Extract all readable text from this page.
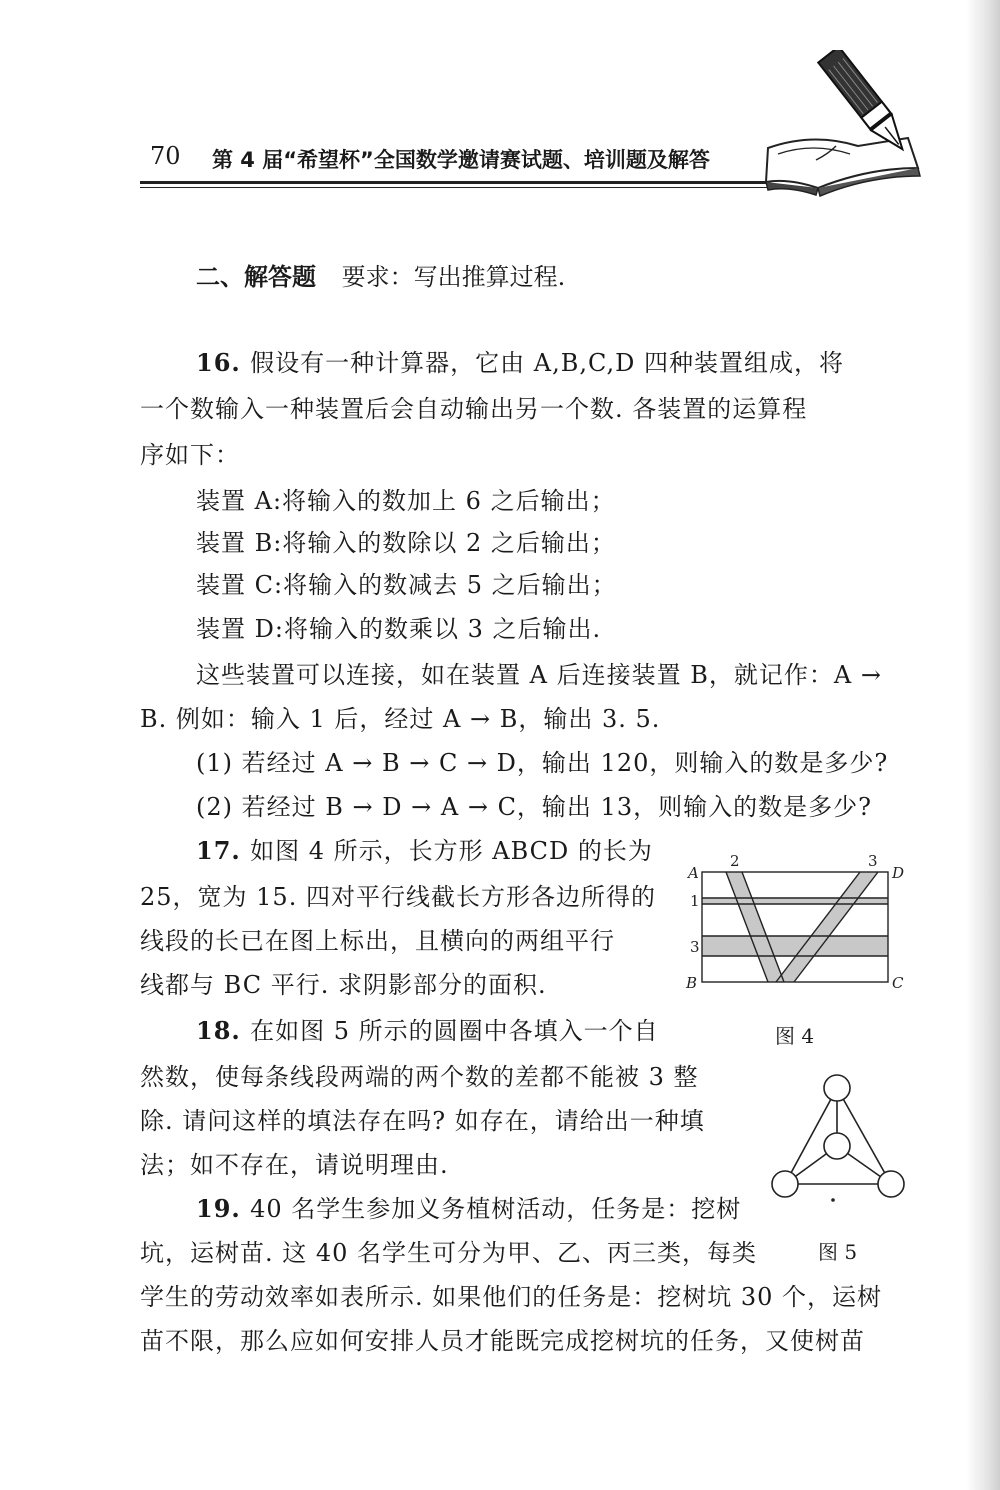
70 第 4 届“希望杯”全国数学邀请赛试题、培训题及解答
二、解答题 要求：写出推算过程.
16. 假设有一种计算器，它由 A,B,C,D 四种装置组成，将
一个数输入一种装置后会自动输出另一个数. 各装置的运算程
序如下：
装置 A:将输入的数加上 6 之后输出；
装置 B:将输入的数除以 2 之后输出；
装置 C:将输入的数减去 5 之后输出；
装置 D:将输入的数乘以 3 之后输出.
这些装置可以连接，如在装置 A 后连接装置 B，就记作：A →
B. 例如：输入 1 后，经过 A → B，输出 3. 5.
(1) 若经过 A → B → C → D，输出 120，则输入的数是多少?
(2) 若经过 B → D → A → C，输出 13，则输入的数是多少?
17. 如图 4 所示，长方形 ABCD 的长为
25，宽为 15. 四对平行线截长方形各边所得的
线段的长已在图上标出，且横向的两组平行
线都与 BC 平行. 求阴影部分的面积.
A
2	3
D
1
3
B	C
图 4
18. 在如图 5 所示的圆圈中各填入一个自
然数，使每条线段两端的两个数的差都不能被 3 整
除. 请问这样的填法存在吗? 如存在，请给出一种填
法；如不存在，请说明理由.
图 5
19. 40 名学生参加义务植树活动，任务是：挖树
坑，运树苗. 这 40 名学生可分为甲、乙、丙三类，每类
学生的劳动效率如表所示. 如果他们的任务是：挖树坑 30 个，运树
苗不限，那么应如何安排人员才能既完成挖树坑的任务，又使树苗
